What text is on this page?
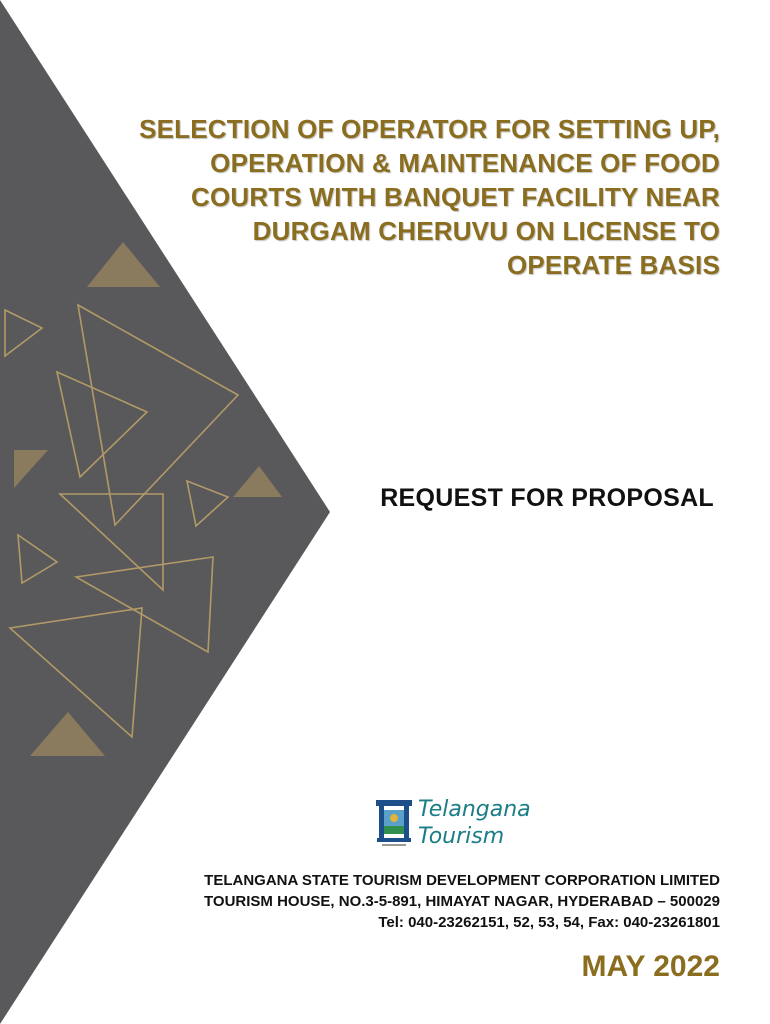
SELECTION OF OPERATOR FOR SETTING UP,
OPERATION & MAINTENANCE OF FOOD
COURTS WITH BANQUET FACILITY NEAR
DURGAM CHERUVU ON LICENSE TO
OPERATE BASIS
REQUEST FOR PROPOSAL
Telangana
Tourism
TELANGANA STATE TOURISM DEVELOPMENT CORPORATION LIMITED
TOURISM HOUSE, NO.3-5-891, HIMAYAT NAGAR, HYDERABAD – 500029
Tel: 040-23262151, 52, 53, 54, Fax: 040-23261801
MAY 2022
